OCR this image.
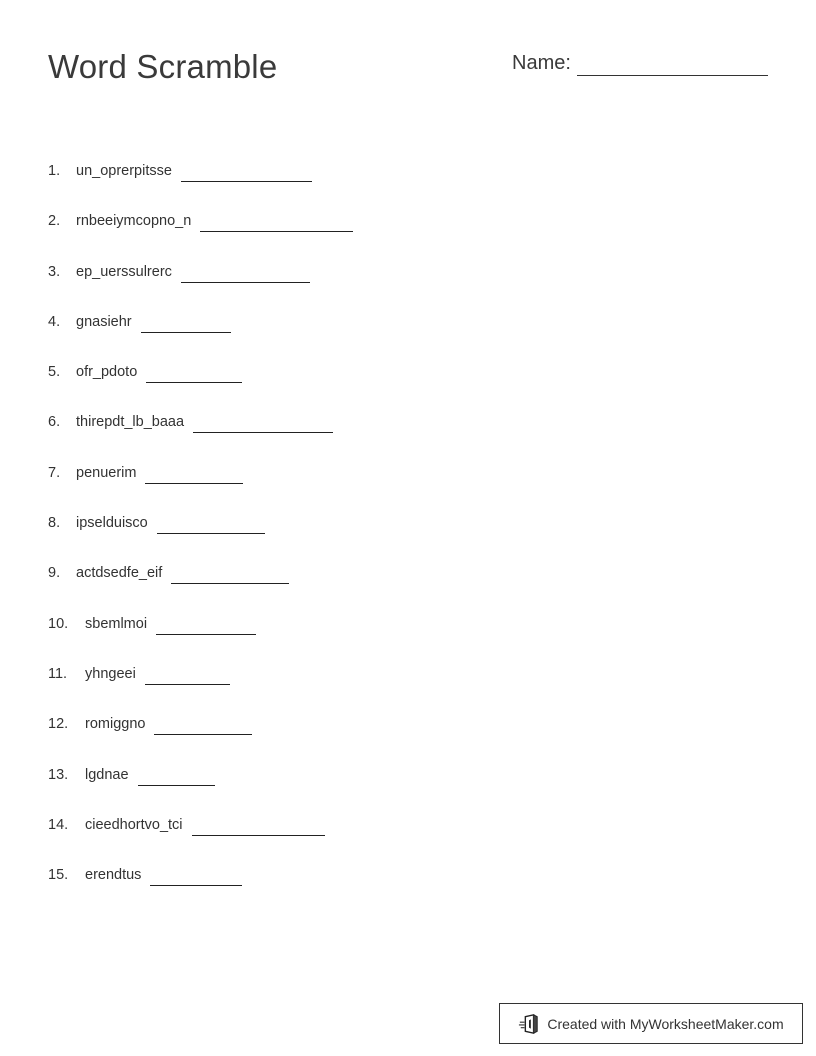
Word Scramble	Name:
1.	un_oprerpitsse
2.	rnbeeiymcopno_n
3.	ep_uerssulrerc
4.	gnasiehr
5.	ofr_pdoto
6.	thirepdt_lb_baaa
7.	penuerim
8.	ipselduisco
9.	actdsedfe_eif
10.	sbemlmoi
11.	yhngeei
12.	romiggno
13.	lgdnae
14.	cieedhortvo_tci
15.	erendtus
Created with MyWorksheetMaker.com
